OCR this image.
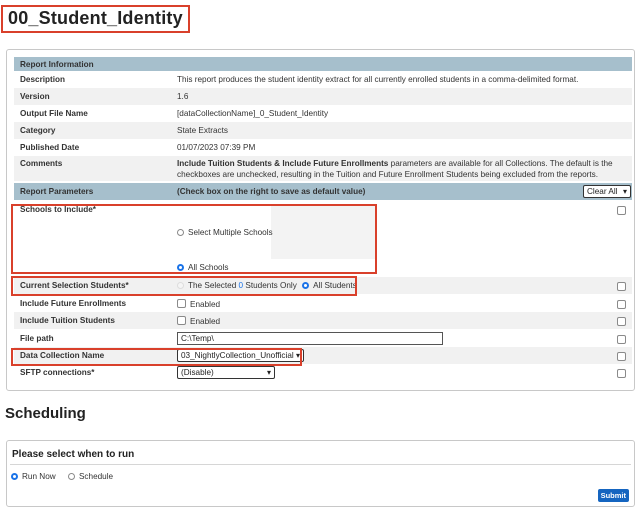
00_Student_Identity
Report Information
Description	This report produces the student identity extract for all currently enrolled students in a comma-delimited format.
Version	1.6
Output File Name	[dataCollectionName]_0_Student_Identity
Category	State Extracts
Published Date	01/07/2023 07:39 PM
Comments	Include Tuition Students & Include Future Enrollments parameters are available for all Collections. The default is the
checkboxes are unchecked, resulting in the Tuition and Future Enrollment Students being excluded from the reports.
Report Parameters	(Check box on the right to save as default value)	Clear All ▾
Schools to Include*
Select Multiple Schools
All Schools
Current Selection Students*	The Selected 0 Students Only All Students
Include Future Enrollments	Enabled
Include Tuition Students	Enabled
File path	C:\Temp\
Data Collection Name	03_NightlyCollection_Unofficial ▾
SFTP connections*	(Disable)	▾
Scheduling
Please select when to run
Run Now	Schedule
Submit
